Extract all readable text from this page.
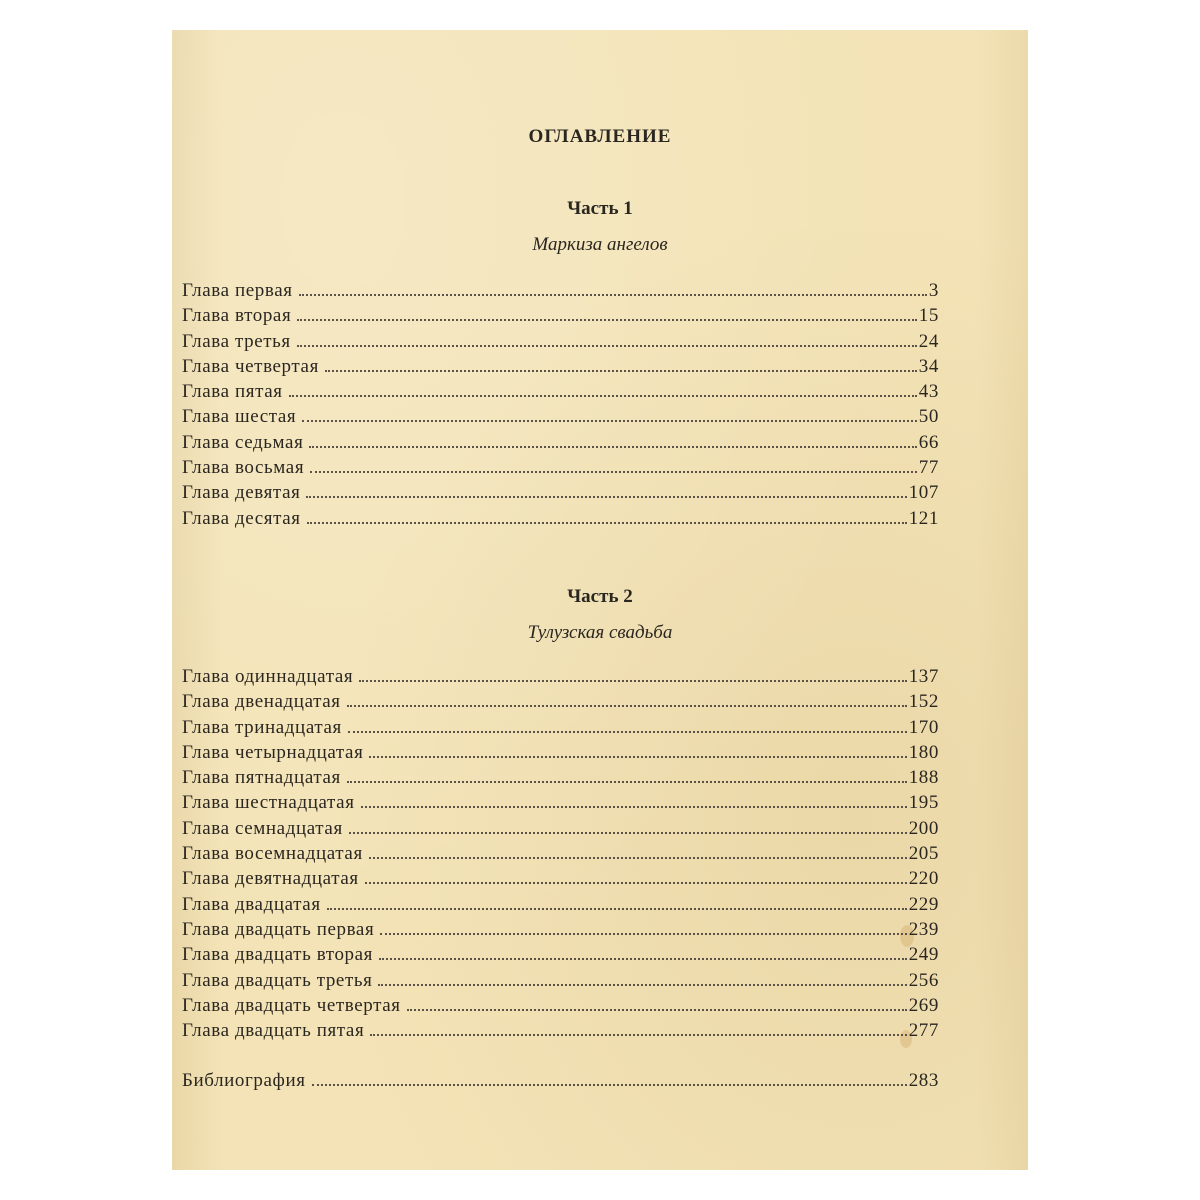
ОГЛАВЛЕНИЕ
Часть 1
Маркиза ангелов
Глава первая	3
Глава вторая	15
Глава третья	24
Глава четвертая	34
Глава пятая	43
Глава шестая	50
Глава седьмая	66
Глава восьмая	77
Глава девятая	107
Глава десятая	121
Часть 2
Тулузская свадьба
Глава одиннадцатая	137
Глава двенадцатая	152
Глава тринадцатая	170
Глава четырнадцатая	180
Глава пятнадцатая	188
Глава шестнадцатая	195
Глава семнадцатая	200
Глава восемнадцатая	205
Глава девятнадцатая	220
Глава двадцатая	229
Глава двадцать первая	239
Глава двадцать вторая	249
Глава двадцать третья	256
Глава двадцать четвертая	269
Глава двадцать пятая	277
Библиография	283
